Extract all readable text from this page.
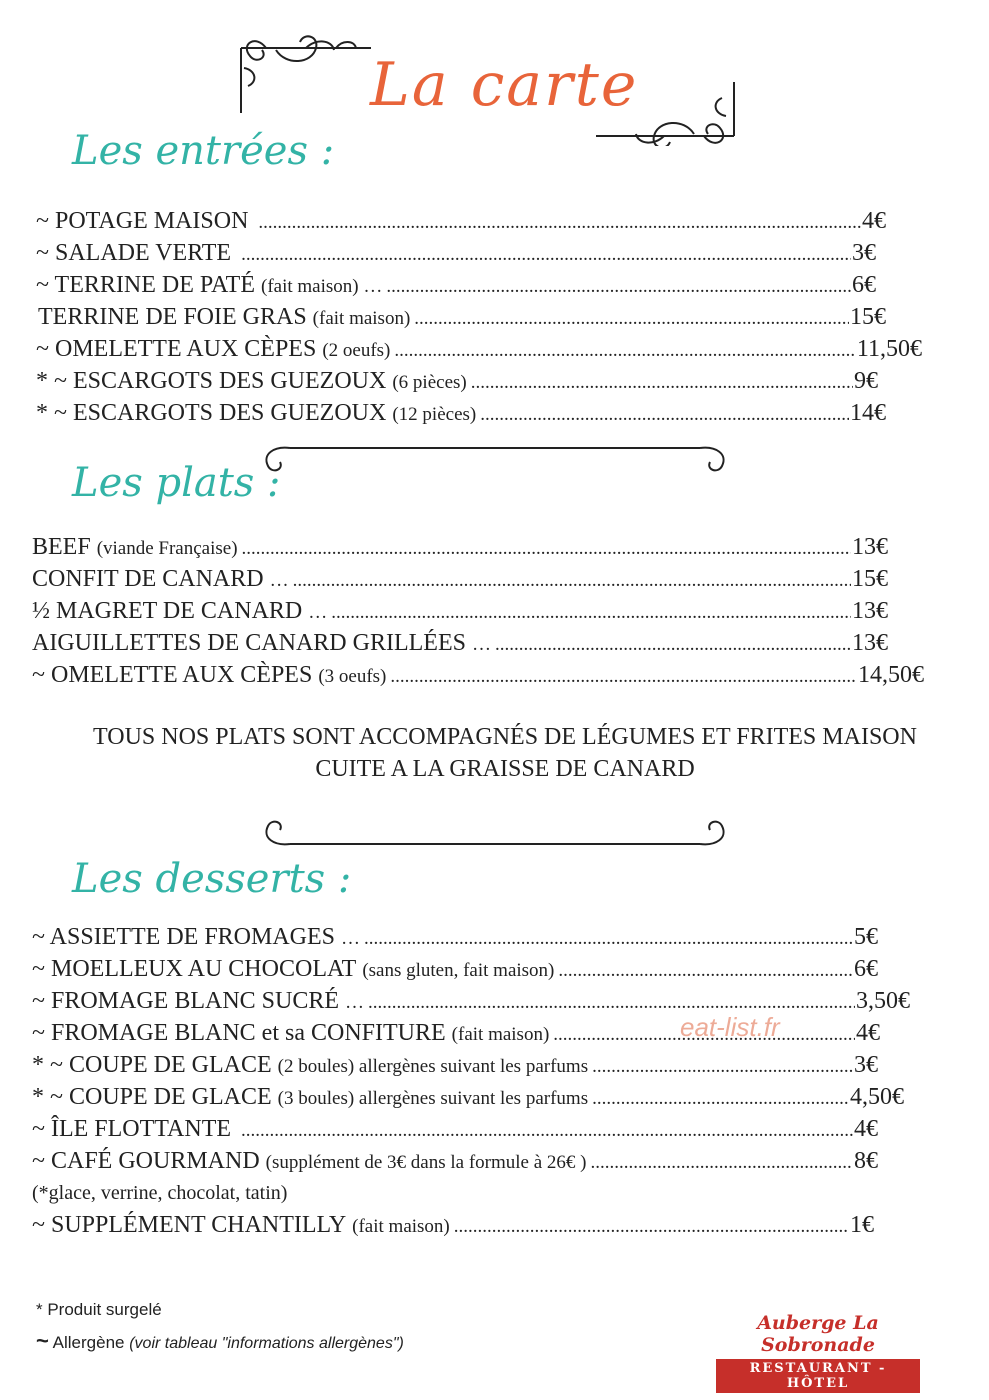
La carte
Les entrées :
~ POTAGE MAISON .....	4€
~ SALADE VERTE .....	3€
~ TERRINE DE PATÉ (fait maison) … .....	6€
TERRINE DE FOIE GRAS (fait maison) .....	15€
~ OMELETTE AUX CÈPES (2 oeufs) .....	11,50€
* ~ ESCARGOTS DES GUEZOUX (6 pièces) .....	9€
* ~ ESCARGOTS DES GUEZOUX (12 pièces) .....	14€
Les plats :
BEEF (viande Française) .....	13€
CONFIT DE CANARD … .....	15€
½ MAGRET DE CANARD … .....	13€
AIGUILLETTES DE CANARD GRILLÉES … .....	13€
~ OMELETTE AUX CÈPES (3 oeufs) .....	14,50€
TOUS NOS PLATS SONT ACCOMPAGNÉS DE LÉGUMES ET FRITES MAISON
CUITE A LA GRAISSE DE CANARD
Les desserts :
~ ASSIETTE DE FROMAGES … .....	5€
~ MOELLEUX AU CHOCOLAT (sans gluten, fait maison) .....	6€
~ FROMAGE BLANC SUCRÉ … .....	3,50€
~ FROMAGE BLANC et sa CONFITURE (fait maison) .....	4€
* ~ COUPE DE GLACE (2 boules) allergènes suivant les parfums .....	3€
* ~ COUPE DE GLACE (3 boules) allergènes suivant les parfums .....	4,50€
~ ÎLE FLOTTANTE .....	4€
~ CAFÉ GOURMAND (supplément de 3€ dans la formule à 26€ ) .....	8€
(*glace, verrine, chocolat, tatin)
~ SUPPLÉMENT CHANTILLY (fait maison) .....	1€
eat-list.fr
* Produit surgelé
~ Allergène (voir tableau "informations allergènes")
Auberge La Sobronade
RESTAURANT - HÔTEL
